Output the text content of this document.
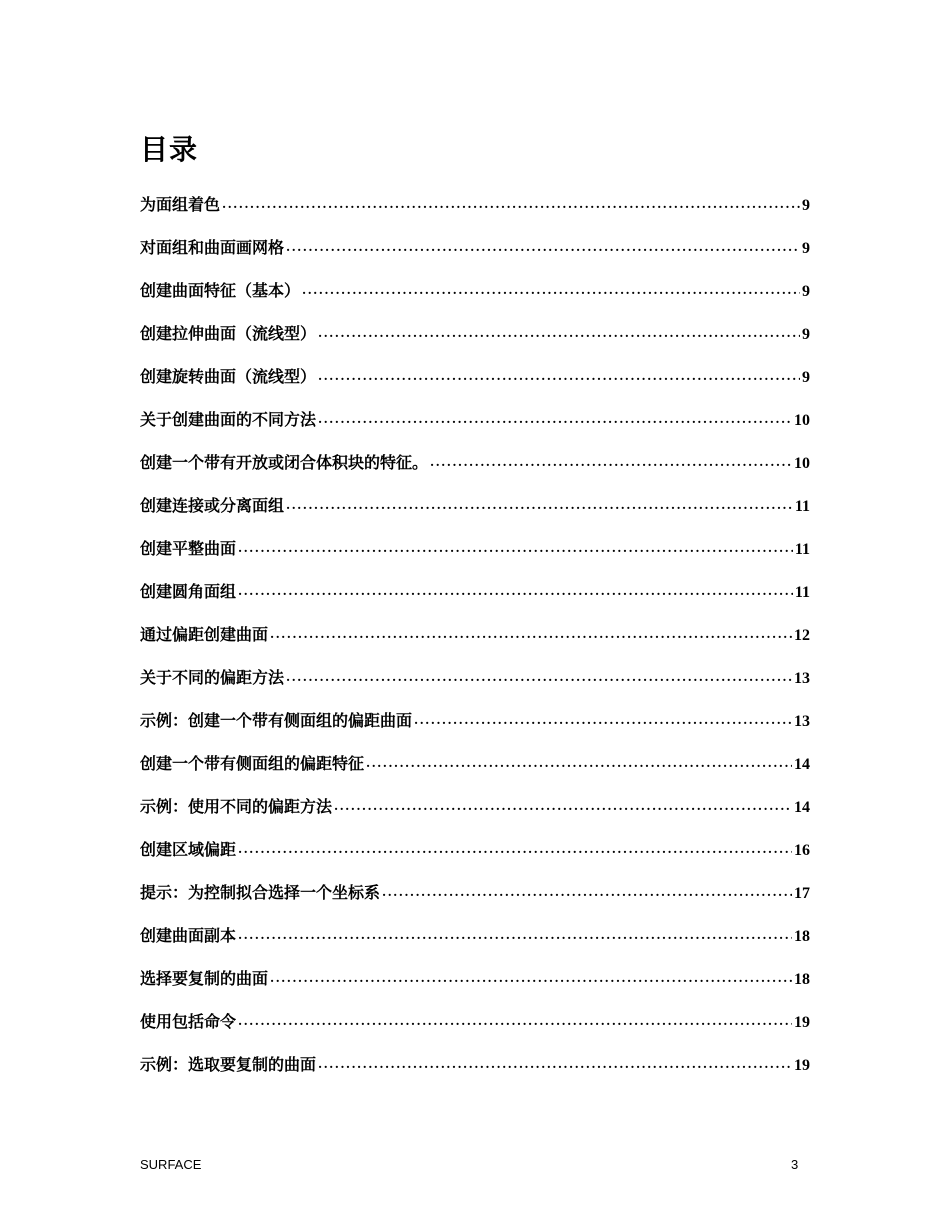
目录
为面组着色 .....	9
对面组和曲面画网格 .....	9
创建曲面特征（基本） .....	9
创建拉伸曲面（流线型） .....	9
创建旋转曲面（流线型） .....	9
关于创建曲面的不同方法 .....	10
创建一个带有开放或闭合体积块的特征。 .....	10
创建连接或分离面组 .....	11
创建平整曲面 .....	11
创建圆角面组 .....	11
通过偏距创建曲面 .....	12
关于不同的偏距方法 .....	13
示例：创建一个带有侧面组的偏距曲面 .....	13
创建一个带有侧面组的偏距特征 .....	14
示例：使用不同的偏距方法 .....	14
创建区域偏距 .....	16
提示：为控制拟合选择一个坐标系 .....	17
创建曲面副本 .....	18
选择要复制的曲面 .....	18
使用包括命令 .....	19
示例：选取要复制的曲面 .....	19
SURFACE	3
